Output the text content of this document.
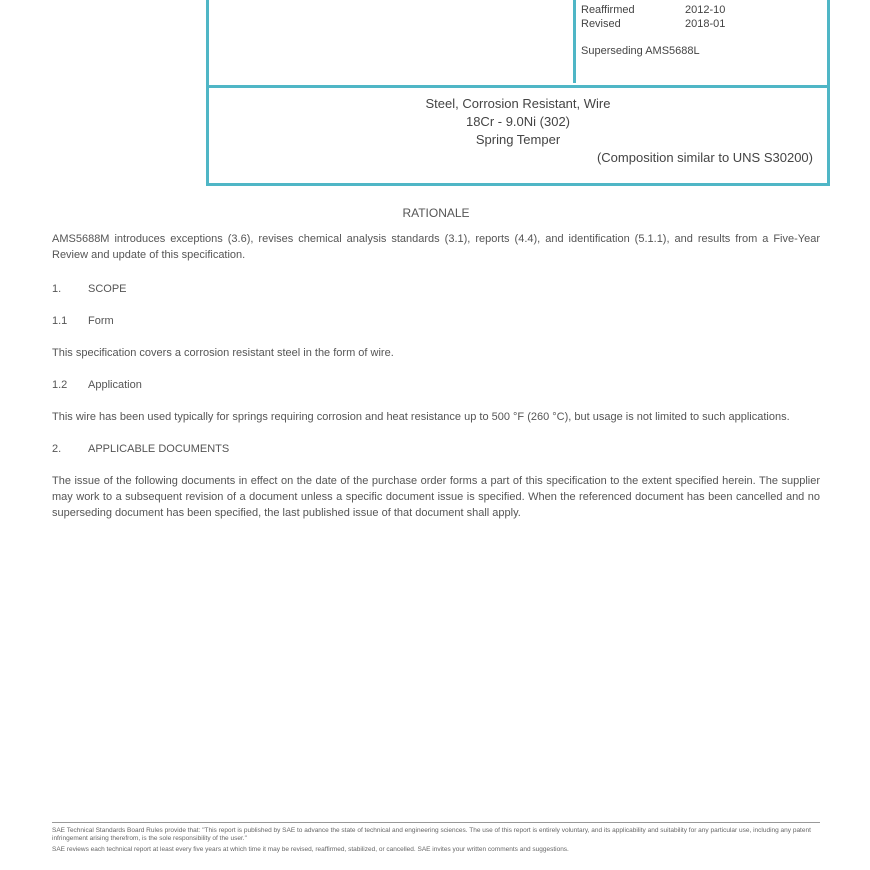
Reaffirmed	2012-10
Revised	2018-01
Superseding AMS5688L
Steel, Corrosion Resistant, Wire
18Cr - 9.0Ni (302)
Spring Temper
(Composition similar to UNS S30200)
RATIONALE

AMS5688M introduces exceptions (3.6), revises chemical analysis standards (3.1), reports (4.4), and identification (5.1.1), and results from a Five-Year Review and update of this specification.

1.	SCOPE
1.1	Form

This specification covers a corrosion resistant steel in the form of wire.

1.2	Application

This wire has been used typically for springs requiring corrosion and heat resistance up to 500 °F (260 °C), but usage is not limited to such applications.

2.	APPLICABLE DOCUMENTS

The issue of the following documents in effect on the date of the purchase order forms a part of this specification to the extent specified herein. The supplier may work to a subsequent revision of a document unless a specific document issue is specified. When the referenced document has been cancelled and no superseding document has been specified, the last published issue of that document shall apply.

SAE Technical Standards Board Rules provide that: "This report is published by SAE to advance the state of technical and engineering sciences. The use of this report is entirely voluntary, and its applicability and suitability for any particular use, including any patent infringement arising therefrom, is the sole responsibility of the user."

SAE reviews each technical report at least every five years at which time it may be revised, reaffirmed, stabilized, or cancelled. SAE invites your written comments and suggestions.
